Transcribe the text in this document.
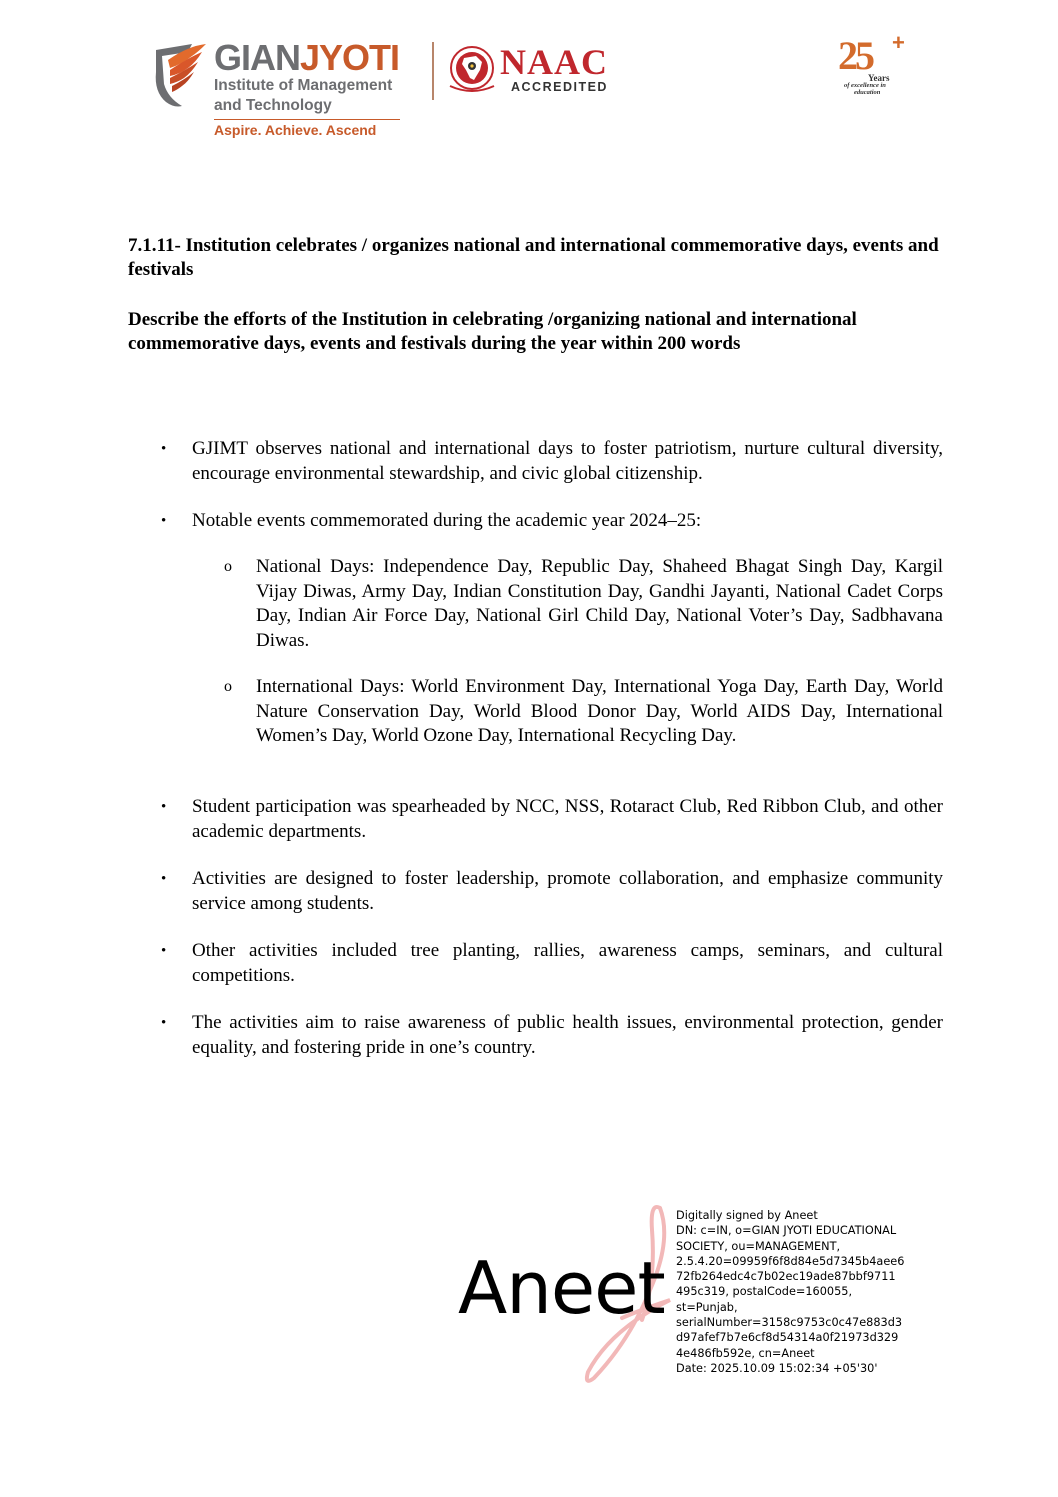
GIANJYOTI
Institute of Management
and Technology
Aspire. Achieve. Ascend
NAAC
ACCREDITED
25 +
Years
of excellence in
education
7.1.11- Institution celebrates / organizes national and international commemorative days, events and festivals
Describe the efforts of the Institution in celebrating /organizing national and international commemorative days, events and festivals during the year within 200 words
• GJIMT observes national and international days to foster patriotism, nurture cultural diversity, encourage environmental stewardship, and civic global citizenship.
• Notable events commemorated during the academic year 2024–25:
o National Days: Independence Day, Republic Day, Shaheed Bhagat Singh Day, Kargil Vijay Diwas, Army Day, Indian Constitution Day, Gandhi Jayanti, National Cadet Corps Day, Indian Air Force Day, National Girl Child Day, National Voter’s Day, Sadbhavana Diwas.
o International Days: World Environment Day, International Yoga Day, Earth Day, World Nature Conservation Day, World Blood Donor Day, World AIDS Day, International Women’s Day, World Ozone Day, International Recycling Day.
• Student participation was spearheaded by NCC, NSS, Rotaract Club, Red Ribbon Club, and other academic departments.
• Activities are designed to foster leadership, promote collaboration, and emphasize community service among students.
• Other activities included tree planting, rallies, awareness camps, seminars, and cultural competitions.
• The activities aim to raise awareness of public health issues, environmental protection, gender equality, and fostering pride in one’s country.
Aneet
Digitally signed by Aneet
DN: c=IN, o=GIAN JYOTI EDUCATIONAL
SOCIETY, ou=MANAGEMENT,
2.5.4.20=09959f6f8d84e5d7345b4aee6
72fb264edc4c7b02ec19ade87bbf9711
495c319, postalCode=160055,
st=Punjab,
serialNumber=3158c9753c0c47e883d3
d97afef7b7e6cf8d54314a0f21973d329
4e486fb592e, cn=Aneet
Date: 2025.10.09 15:02:34 +05'30'
